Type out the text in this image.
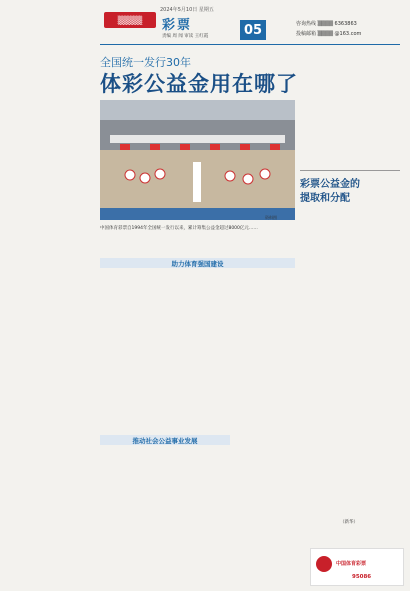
▒▒▒▒
2024年5月10日 星期五
彩票
责编 周 闻 审读 王红霞	05	咨询热线 ▒▒▒▒ 6363863
投稿邮箱 ▒▒▒▒ @163.com
全国统一发行30年
体彩公益金用在哪了
资料图
中国体育彩票自1994年全国统一发行以来，累计筹集公益金超过8000亿元……
助力体育强国建设
推动社会公益事业发展
彩票公益金的
提取和分配
（新华）
中国体育彩票
95086
